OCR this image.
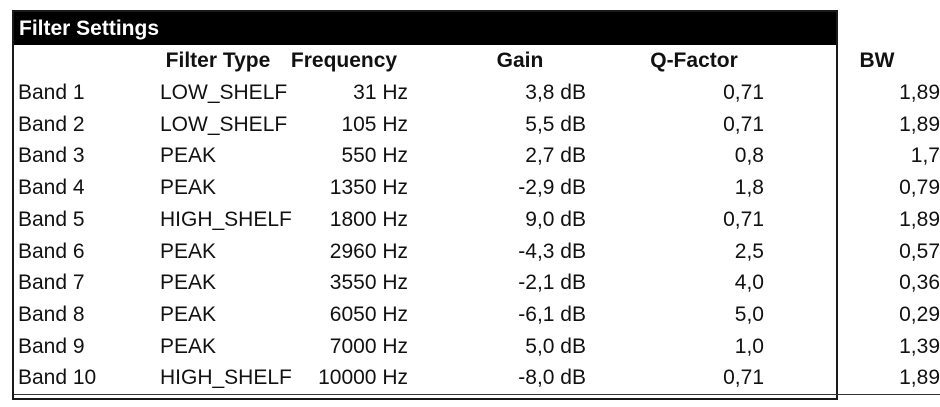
Filter Settings
	Filter Type	Frequency	Gain	Q-Factor	BW
Band 1	LOW_SHELF	31 Hz	3,8 dB	0,71	1,89
Band 2	LOW_SHELF	105 Hz	5,5 dB	0,71	1,89
Band 3	PEAK	550 Hz	2,7 dB	0,8	1,7
Band 4	PEAK	1350 Hz	-2,9 dB	1,8	0,79
Band 5	HIGH_SHELF	1800 Hz	9,0 dB	0,71	1,89
Band 6	PEAK	2960 Hz	-4,3 dB	2,5	0,57
Band 7	PEAK	3550 Hz	-2,1 dB	4,0	0,36
Band 8	PEAK	6050 Hz	-6,1 dB	5,0	0,29
Band 9	PEAK	7000 Hz	5,0 dB	1,0	1,39
Band 10	HIGH_SHELF	10000 Hz	-8,0 dB	0,71	1,89
